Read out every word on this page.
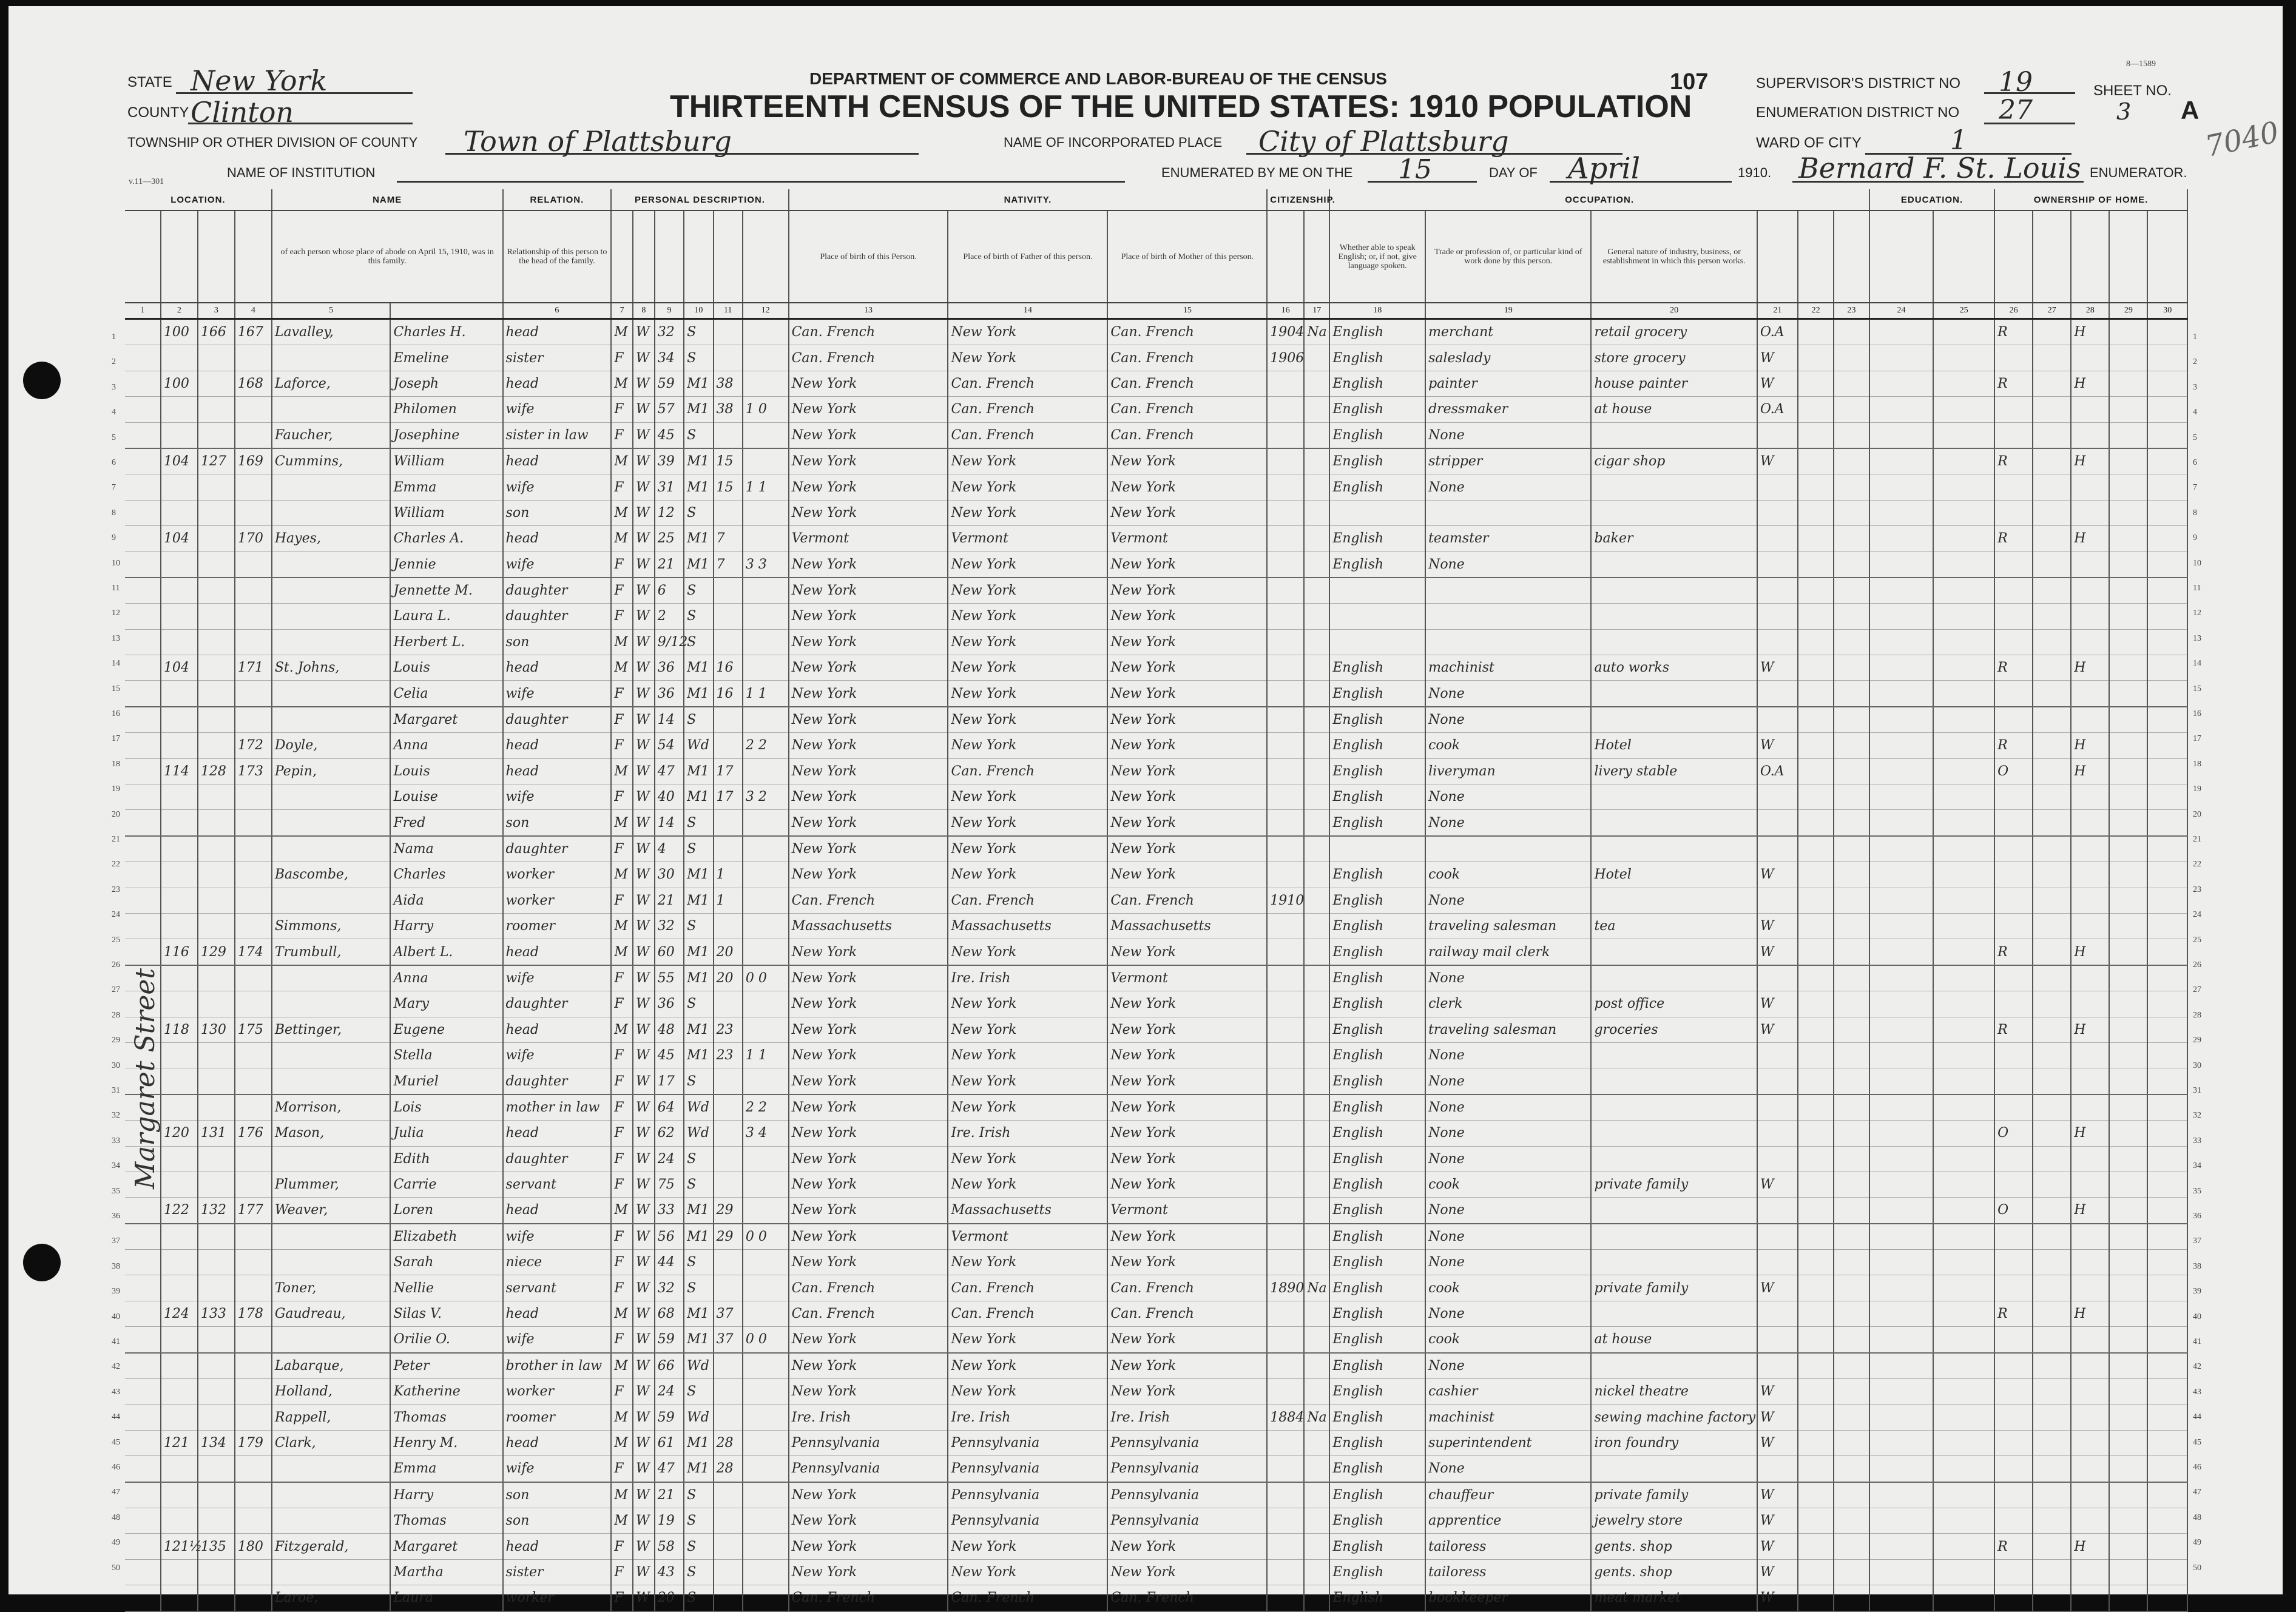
v.11—301
8—1589
7040
STATE New York
COUNTY Clinton
TOWNSHIP OR OTHER DIVISION OF COUNTY Town of Plattsburg
NAME OF INSTITUTION
DEPARTMENT OF COMMERCE AND LABOR-BUREAU OF THE CENSUS
THIRTEENTH CENSUS OF THE UNITED STATES: 1910 POPULATION
107
NAME OF INCORPORATED PLACE City of Plattsburg
ENUMERATED BY ME ON THE 15	DAY OF April	1910. Bernard F. St. Louis ENUMERATOR.
SUPERVISOR'S DISTRICT NO 19
ENUMERATION DISTRICT NO 27
WARD OF CITY	1
SHEET NO.
3 A
LOCATION.				NAME		RELATION.	PERSONAL DESCRIPTION.						NATIVITY.			CITIZENSHIP.		OCCUPATION.						EDUCATION.		OWNERSHIP OF HOME.				
				of each person whose place of abode on April 15, 1910, was in this family.		Relationship of this person to the head of the family.							Place of birth of this Person.	Place of birth of Father of this person.	Place of birth of Mother of this person.			Whether able to speak English; or, if not, give language spoken.	Trade or profession of, or particular kind of work done by this person.	General nature of industry, business, or establishment in which this person works.										
1	2	3	4	5		6	7	8	9	10	11	12	13	14	15	16	17	18	19	20	21	22	23	24	25	26	27	28	29	30
	100	166	167	Lavalley,	Charles H.	head	M	W	32	S			Can. French	New York	Can. French	1904	Na	English	merchant	retail grocery	O.A					R		H		
					Emeline	sister	F	W	34	S			Can. French	New York	Can. French	1906		English	saleslady	store grocery	W									
	100		168	Laforce,	Joseph	head	M	W	59	M1	38		New York	Can. French	Can. French			English	painter	house painter	W					R		H		
					Philomen	wife	F	W	57	M1	38	1 0	New York	Can. French	Can. French			English	dressmaker	at house	O.A									
				Faucher,	Josephine	sister in law	F	W	45	S			New York	Can. French	Can. French			English	None											
	104	127	169	Cummins,	William	head	M	W	39	M1	15		New York	New York	New York			English	stripper	cigar shop	W					R		H		
					Emma	wife	F	W	31	M1	15	1 1	New York	New York	New York			English	None											
					William	son	M	W	12	S			New York	New York	New York															
	104		170	Hayes,	Charles A.	head	M	W	25	M1	7		Vermont	Vermont	Vermont			English	teamster	baker						R		H		
					Jennie	wife	F	W	21	M1	7	3 3	New York	New York	New York			English	None											
					Jennette M.	daughter	F	W	6	S			New York	New York	New York															
					Laura L.	daughter	F	W	2	S			New York	New York	New York															
					Herbert L.	son	M	W	9/12	S			New York	New York	New York															
	104		171	St. Johns,	Louis	head	M	W	36	M1	16		New York	New York	New York			English	machinist	auto works	W					R		H		
					Celia	wife	F	W	36	M1	16	1 1	New York	New York	New York			English	None											
					Margaret	daughter	F	W	14	S			New York	New York	New York			English	None											
			172	Doyle,	Anna	head	F	W	54	Wd		2 2	New York	New York	New York			English	cook	Hotel	W					R		H		
	114	128	173	Pepin,	Louis	head	M	W	47	M1	17		New York	Can. French	New York			English	liveryman	livery stable	O.A					O		H		
					Louise	wife	F	W	40	M1	17	3 2	New York	New York	New York			English	None											
					Fred	son	M	W	14	S			New York	New York	New York			English	None											
					Nama	daughter	F	W	4	S			New York	New York	New York															
				Bascombe,	Charles	worker	M	W	30	M1	1		New York	New York	New York			English	cook	Hotel	W									
					Aida	worker	F	W	21	M1	1		Can. French	Can. French	Can. French	1910		English	None											
				Simmons,	Harry	roomer	M	W	32	S			Massachusetts	Massachusetts	Massachusetts			English	traveling salesman	tea	W									
	116	129	174	Trumbull,	Albert L.	head	M	W	60	M1	20		New York	New York	New York			English	railway mail clerk		W					R		H		
					Anna	wife	F	W	55	M1	20	0 0	New York	Ire. Irish	Vermont			English	None											
					Mary	daughter	F	W	36	S			New York	New York	New York			English	clerk	post office	W									
	118	130	175	Bettinger,	Eugene	head	M	W	48	M1	23		New York	New York	New York			English	traveling salesman	groceries	W					R		H		
					Stella	wife	F	W	45	M1	23	1 1	New York	New York	New York			English	None											
					Muriel	daughter	F	W	17	S			New York	New York	New York			English	None											
				Morrison,	Lois	mother in law	F	W	64	Wd		2 2	New York	New York	New York			English	None											
	120	131	176	Mason,	Julia	head	F	W	62	Wd		3 4	New York	Ire. Irish	New York			English	None							O		H		
					Edith	daughter	F	W	24	S			New York	New York	New York			English	None											
				Plummer,	Carrie	servant	F	W	75	S			New York	New York	New York			English	cook	private family	W									
	122	132	177	Weaver,	Loren	head	M	W	33	M1	29		New York	Massachusetts	Vermont			English	None							O		H		
					Elizabeth	wife	F	W	56	M1	29	0 0	New York	Vermont	New York			English	None											
					Sarah	niece	F	W	44	S			New York	New York	New York			English	None											
				Toner,	Nellie	servant	F	W	32	S			Can. French	Can. French	Can. French	1890	Na	English	cook	private family	W									
	124	133	178	Gaudreau,	Silas V.	head	M	W	68	M1	37		Can. French	Can. French	Can. French			English	None							R		H		
					Orilie O.	wife	F	W	59	M1	37	0 0	New York	New York	New York			English	cook	at house										
				Labarque,	Peter	brother in law	M	W	66	Wd			New York	New York	New York			English	None											
				Holland,	Katherine	worker	F	W	24	S			New York	New York	New York			English	cashier	nickel theatre	W									
				Rappell,	Thomas	roomer	M	W	59	Wd			Ire. Irish	Ire. Irish	Ire. Irish	1884	Na	English	machinist	sewing machine factory	W									
	121	134	179	Clark,	Henry M.	head	M	W	61	M1	28		Pennsylvania	Pennsylvania	Pennsylvania			English	superintendent	iron foundry	W									
					Emma	wife	F	W	47	M1	28		Pennsylvania	Pennsylvania	Pennsylvania			English	None											
					Harry	son	M	W	21	S			New York	Pennsylvania	Pennsylvania			English	chauffeur	private family	W									
					Thomas	son	M	W	19	S			New York	Pennsylvania	Pennsylvania			English	apprentice	jewelry store	W									
	121½	135	180	Fitzgerald,	Margaret	head	F	W	58	S			New York	New York	New York			English	tailoress	gents. shop	W					R		H		
					Martha	sister	F	W	43	S			New York	New York	New York			English	tailoress	gents. shop	W									
				Laroe,	Laura	worker	F	W	20	S			Can. French	Can. French	Can. French			English	bookkeeper	meat market	W									
Margaret Street
1	1
2	2
3	3
4	4
5	5
6	6
7	7
8	8
9	9
10	10
11	11
12	12
13	13
14	14
15	15
16	16
17	17
18	18
19	19
20	20
21	21
22	22
23	23
24	24
25	25
26	26
27	27
28	28
29	29
30	30
31	31
32	32
33	33
34	34
35	35
36	36
37	37
38	38
39	39
40	40
41	41
42	42
43	43
44	44
45	45
46	46
47	47
48	48
49	49
50	50
